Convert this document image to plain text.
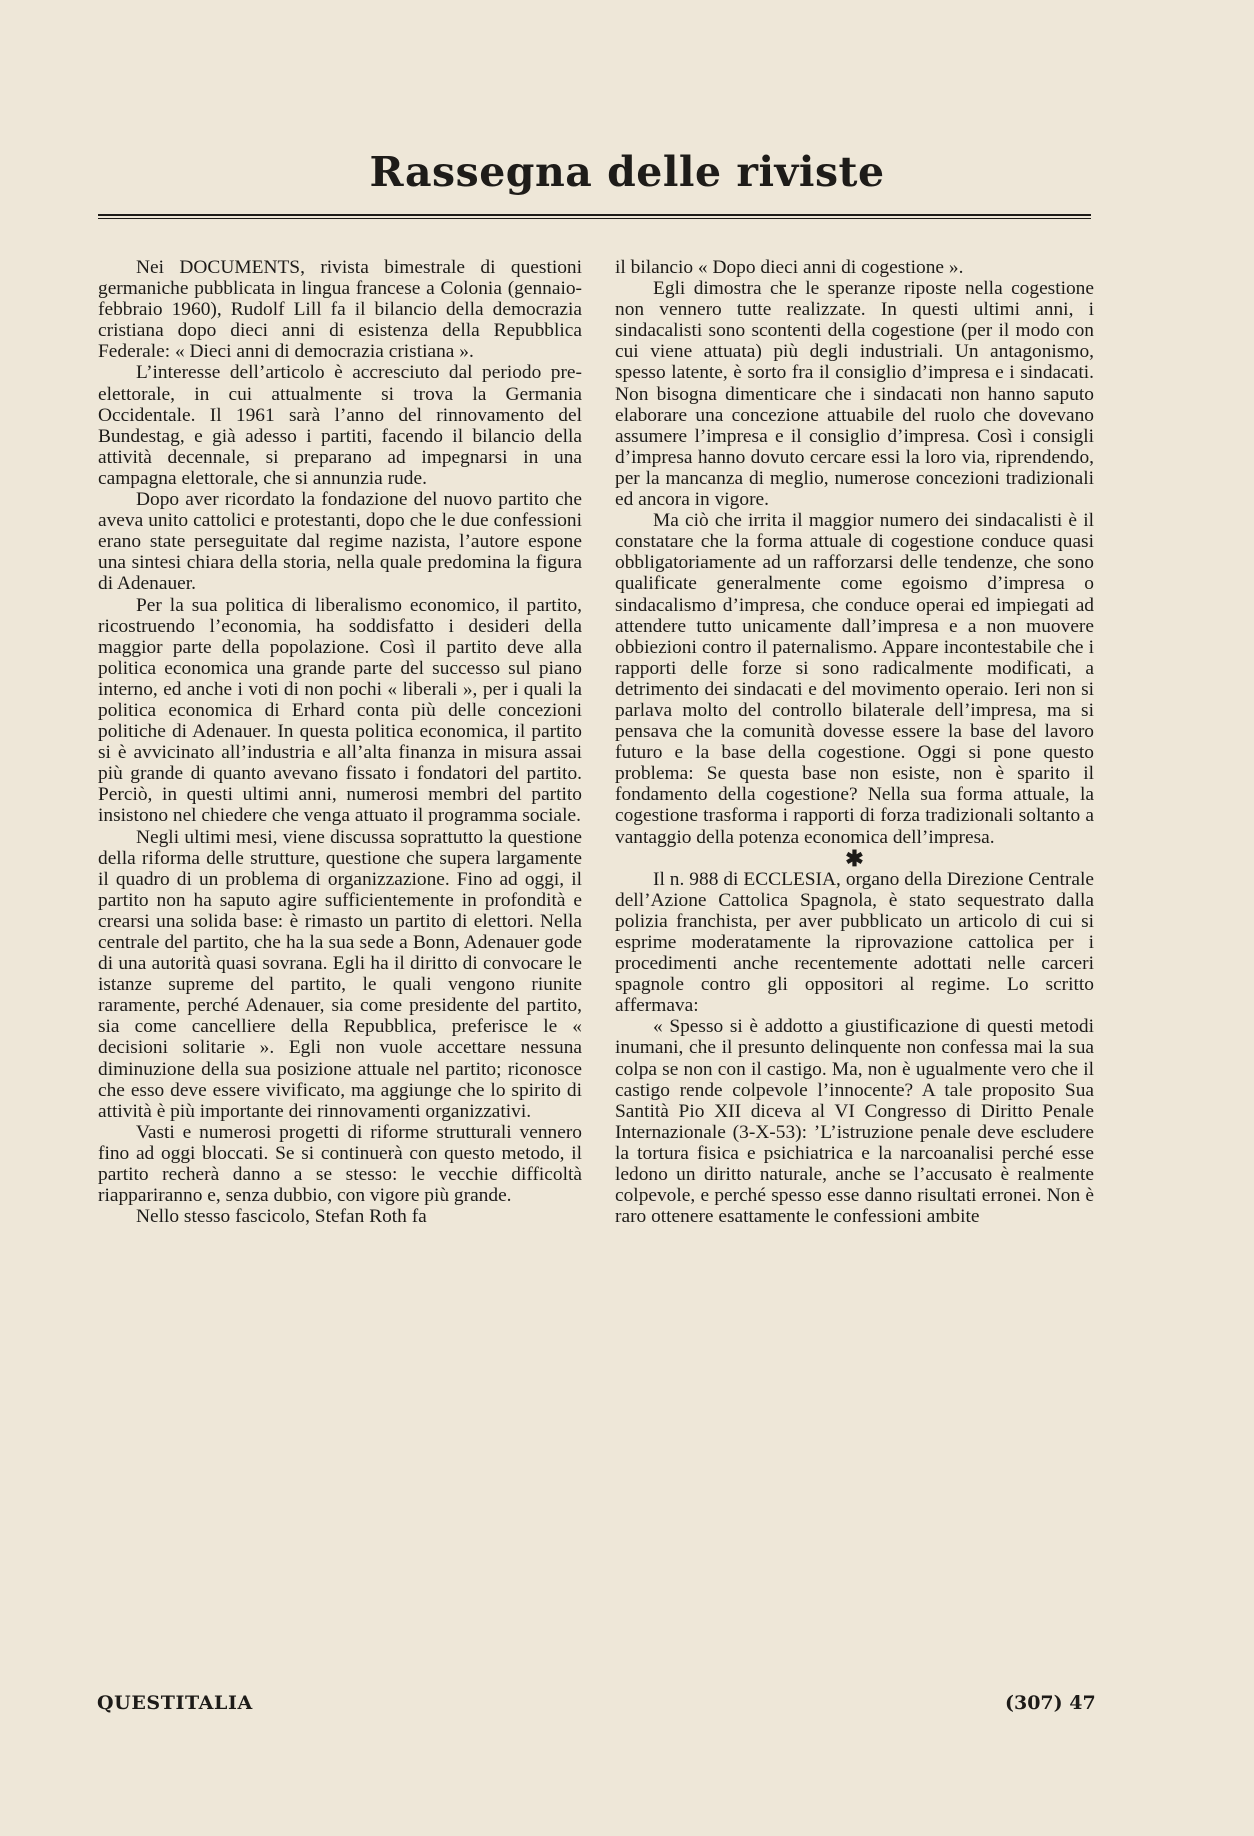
Rassegna delle riviste

Nei DOCUMENTS, rivista bimestrale di questioni germaniche pubblicata in lingua francese a Colonia (gennaio-febbraio 1960), Rudolf Lill fa il bilancio della democrazia cristiana dopo dieci anni di esistenza della Repubblica Federale: « Dieci anni di democrazia cristiana ».

L’interesse dell’articolo è accresciuto dal periodo pre-elettorale, in cui attualmente si trova la Germania Occidentale. Il 1961 sarà l’anno del rinnovamento del Bundestag, e già adesso i partiti, facendo il bilancio della attività decennale, si preparano ad impegnarsi in una campagna elettorale, che si annunzia rude.

Dopo aver ricordato la fondazione del nuovo partito che aveva unito cattolici e protestanti, dopo che le due confessioni erano state perseguitate dal regime nazista, l’autore espone una sintesi chiara della storia, nella quale predomina la figura di Adenauer.

Per la sua politica di liberalismo economico, il partito, ricostruendo l’economia, ha soddisfatto i desideri della maggior parte della popolazione. Così il partito deve alla politica economica una grande parte del successo sul piano interno, ed anche i voti di non pochi « liberali », per i quali la politica economica di Erhard conta più delle concezioni politiche di Adenauer. In questa politica economica, il partito si è avvicinato all’industria e all’alta finanza in misura assai più grande di quanto avevano fissato i fondatori del partito. Perciò, in questi ultimi anni, numerosi membri del partito insistono nel chiedere che venga attuato il programma sociale.

Negli ultimi mesi, viene discussa soprattutto la questione della riforma delle strutture, questione che supera largamente il quadro di un problema di organizzazione. Fino ad oggi, il partito non ha saputo agire sufficientemente in profondità e crearsi una solida base: è rimasto un partito di elettori. Nella centrale del partito, che ha la sua sede a Bonn, Adenauer gode di una autorità quasi sovrana. Egli ha il diritto di convocare le istanze supreme del partito, le quali vengono riunite raramente, perché Adenauer, sia come presidente del partito, sia come cancelliere della Repubblica, preferisce le « decisioni solitarie ». Egli non vuole accettare nessuna diminuzione della sua posizione attuale nel partito; riconosce che esso deve essere vivificato, ma aggiunge che lo spirito di attività è più importante dei rinnovamenti organizzativi.

Vasti e numerosi progetti di riforme strutturali vennero fino ad oggi bloccati. Se si continuerà con questo metodo, il partito recherà danno a se stesso: le vecchie difficoltà riappariranno e, senza dubbio, con vigore più grande.

Nello stesso fascicolo, Stefan Roth fa

il bilancio « Dopo dieci anni di cogestione ».

Egli dimostra che le speranze riposte nella cogestione non vennero tutte realizzate. In questi ultimi anni, i sindacalisti sono scontenti della cogestione (per il modo con cui viene attuata) più degli industriali. Un antagonismo, spesso latente, è sorto fra il consiglio d’impresa e i sindacati. Non bisogna dimenticare che i sindacati non hanno saputo elaborare una concezione attuabile del ruolo che dovevano assumere l’impresa e il consiglio d’impresa. Così i consigli d’impresa hanno dovuto cercare essi la loro via, riprendendo, per la mancanza di meglio, numerose concezioni tradizionali ed ancora in vigore.

Ma ciò che irrita il maggior numero dei sindacalisti è il constatare che la forma attuale di cogestione conduce quasi obbligatoriamente ad un rafforzarsi delle tendenze, che sono qualificate generalmente come egoismo d’impresa o sindacalismo d’impresa, che conduce operai ed impiegati ad attendere tutto unicamente dall’impresa e a non muovere obbiezioni contro il paternalismo. Appare incontestabile che i rapporti delle forze si sono radicalmente modificati, a detrimento dei sindacati e del movimento operaio. Ieri non si parlava molto del controllo bilaterale dell’impresa, ma si pensava che la comunità dovesse essere la base del lavoro futuro e la base della cogestione. Oggi si pone questo problema: Se questa base non esiste, non è sparito il fondamento della cogestione? Nella sua forma attuale, la cogestione trasforma i rapporti di forza tradizionali soltanto a vantaggio della potenza economica dell’impresa.

✱

Il n. 988 di ECCLESIA, organo della Direzione Centrale dell’Azione Cattolica Spagnola, è stato sequestrato dalla polizia franchista, per aver pubblicato un articolo di cui si esprime moderatamente la riprovazione cattolica per i procedimenti anche recentemente adottati nelle carceri spagnole contro gli oppositori al regime. Lo scritto affermava:

« Spesso si è addotto a giustificazione di questi metodi inumani, che il presunto delinquente non confessa mai la sua colpa se non con il castigo. Ma, non è ugualmente vero che il castigo rende colpevole l’innocente? A tale proposito Sua Santità Pio XII diceva al VI Congresso di Diritto Penale Internazionale (3-X-53): ’L’istruzione penale deve escludere la tortura fisica e psichiatrica e la narcoanalisi perché esse ledono un diritto naturale, anche se l’accusato è realmente colpevole, e perché spesso esse danno risultati erronei. Non è raro ottenere esattamente le confessioni ambite

QUESTITALIA	(307) 47
